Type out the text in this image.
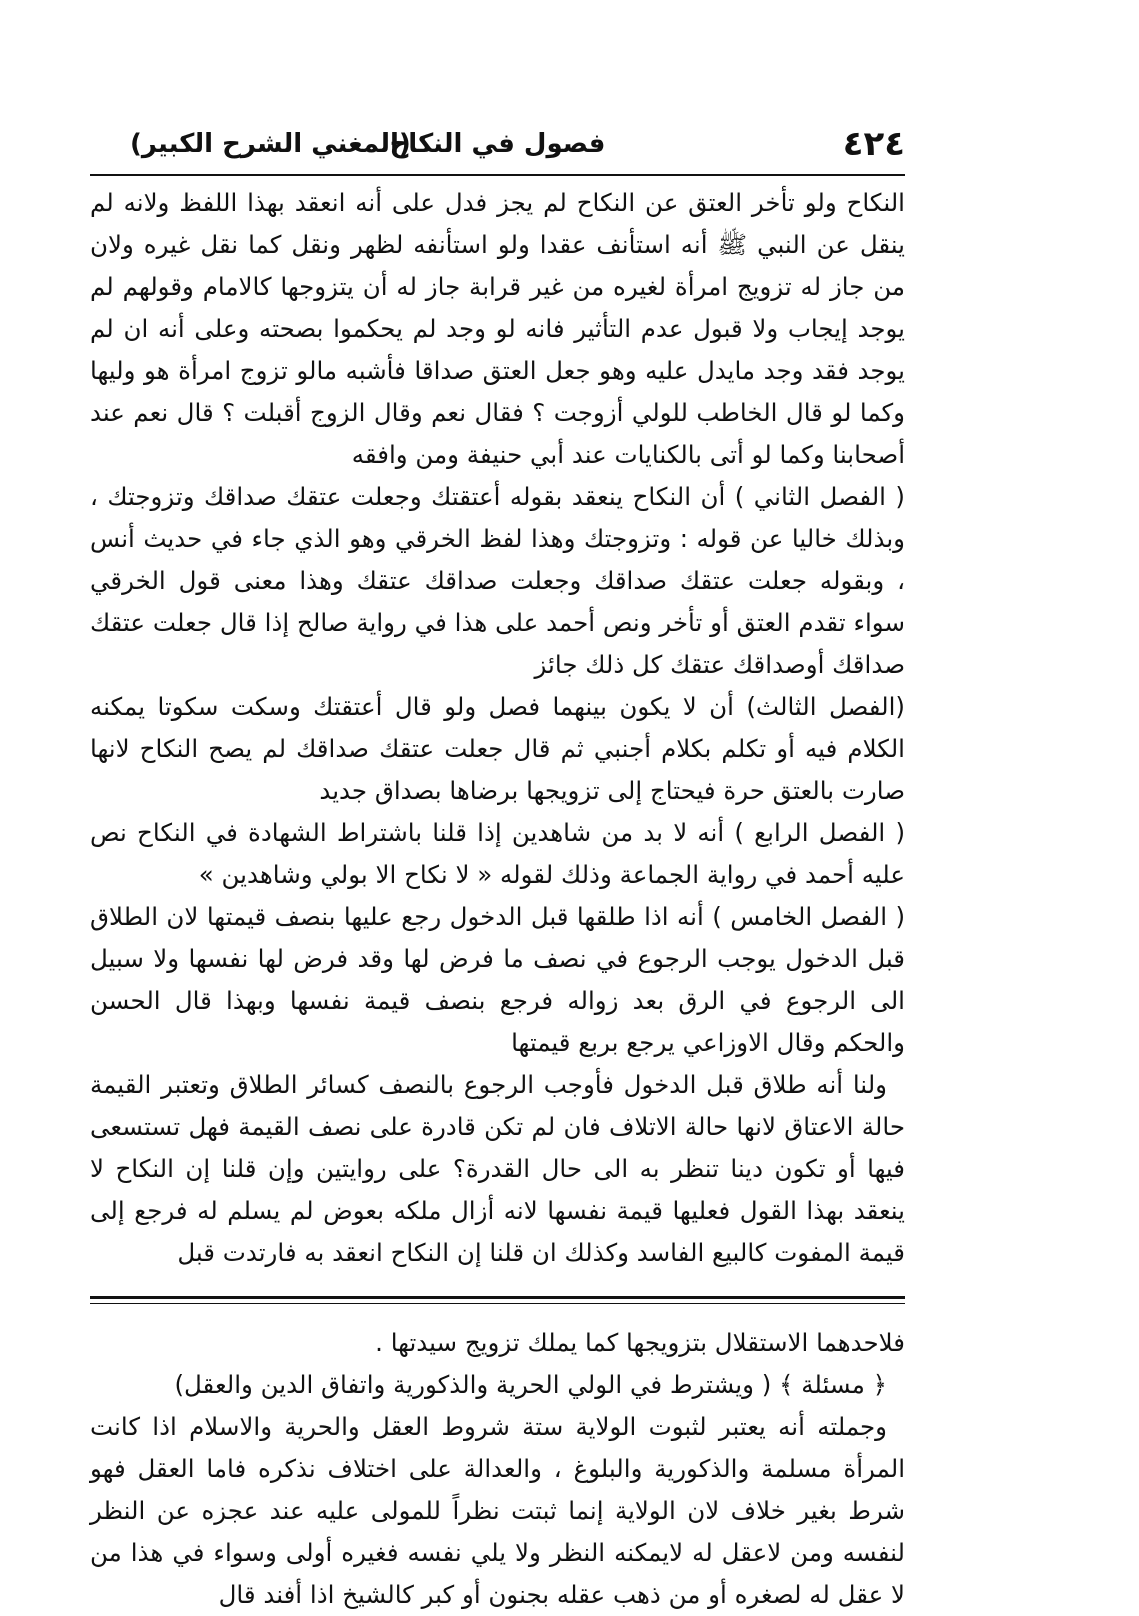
٤٢٤
فصول في النكاح
(المغني الشرح الكبير)

النكاح ولو تأخر العتق عن النكاح لم يجز فدل على أنه انعقد بهذا اللفظ ولانه لم ينقل عن النبي ﷺ أنه استأنف عقدا ولو استأنفه لظهر ونقل كما نقل غيره ولان من جاز له تزويج امرأة لغيره من غير قرابة جاز له أن يتزوجها كالامام وقولهم لم يوجد إيجاب ولا قبول عدم التأثير فانه لو وجد لم يحكموا بصحته وعلى أنه ان لم يوجد فقد وجد مايدل عليه وهو جعل العتق صداقا فأشبه مالو تزوج امرأة هو وليها وكما لو قال الخاطب للولي أزوجت ؟ فقال نعم وقال الزوج أقبلت ؟ قال نعم عند أصحابنا وكما لو أتى بالكنايات عند أبي حنيفة ومن وافقه

( الفصل الثاني ) أن النكاح ينعقد بقوله أعتقتك وجعلت عتقك صداقك وتزوجتك ، وبذلك خاليا عن قوله : وتزوجتك وهذا لفظ الخرقي وهو الذي جاء في حديث أنس ، وبقوله جعلت عتقك صداقك وجعلت صداقك عتقك وهذا معنى قول الخرقي سواء تقدم العتق أو تأخر ونص أحمد على هذا في رواية صالح إذا قال جعلت عتقك صداقك أوصداقك عتقك كل ذلك جائز

(الفصل الثالث) أن لا يكون بينهما فصل ولو قال أعتقتك وسكت سكوتا يمكنه الكلام فيه أو تكلم بكلام أجنبي ثم قال جعلت عتقك صداقك لم يصح النكاح لانها صارت بالعتق حرة فيحتاج إلى تزويجها برضاها بصداق جديد

( الفصل الرابع ) أنه لا بد من شاهدين إذا قلنا باشتراط الشهادة في النكاح نص عليه أحمد في رواية الجماعة وذلك لقوله « لا نكاح الا بولي وشاهدين »

( الفصل الخامس ) أنه اذا طلقها قبل الدخول رجع عليها بنصف قيمتها لان الطلاق قبل الدخول يوجب الرجوع في نصف ما فرض لها وقد فرض لها نفسها ولا سبيل الى الرجوع في الرق بعد زواله فرجع بنصف قيمة نفسها وبهذا قال الحسن والحكم وقال الاوزاعي يرجع بربع قيمتها

ولنا أنه طلاق قبل الدخول فأوجب الرجوع بالنصف كسائر الطلاق وتعتبر القيمة حالة الاعتاق لانها حالة الاتلاف فان لم تكن قادرة على نصف القيمة فهل تستسعى فيها أو تكون دينا تنظر به الى حال القدرة؟ على روايتين وإن قلنا إن النكاح لا ينعقد بهذا القول فعليها قيمة نفسها لانه أزال ملكه بعوض لم يسلم له فرجع إلى قيمة المفوت كالبيع الفاسد وكذلك ان قلنا إن النكاح انعقد به فارتدت قبل

فلاحدهما الاستقلال بتزويجها كما يملك تزويج سيدتها .

﴿ مسئلة ﴾ ( ويشترط في الولي الحرية والذكورية واتفاق الدين والعقل)

وجملته أنه يعتبر لثبوت الولاية ستة شروط العقل والحرية والاسلام اذا كانت المرأة مسلمة والذكورية والبلوغ ، والعدالة على اختلاف نذكره فاما العقل فهو شرط بغير خلاف لان الولاية إنما ثبتت نظراً للمولى عليه عند عجزه عن النظر لنفسه ومن لاعقل له لايمكنه النظر ولا يلي نفسه فغيره أولى وسواء في هذا من لا عقل له لصغره أو من ذهب عقله بجنون أو كبر كالشيخ اذا أفند قال
